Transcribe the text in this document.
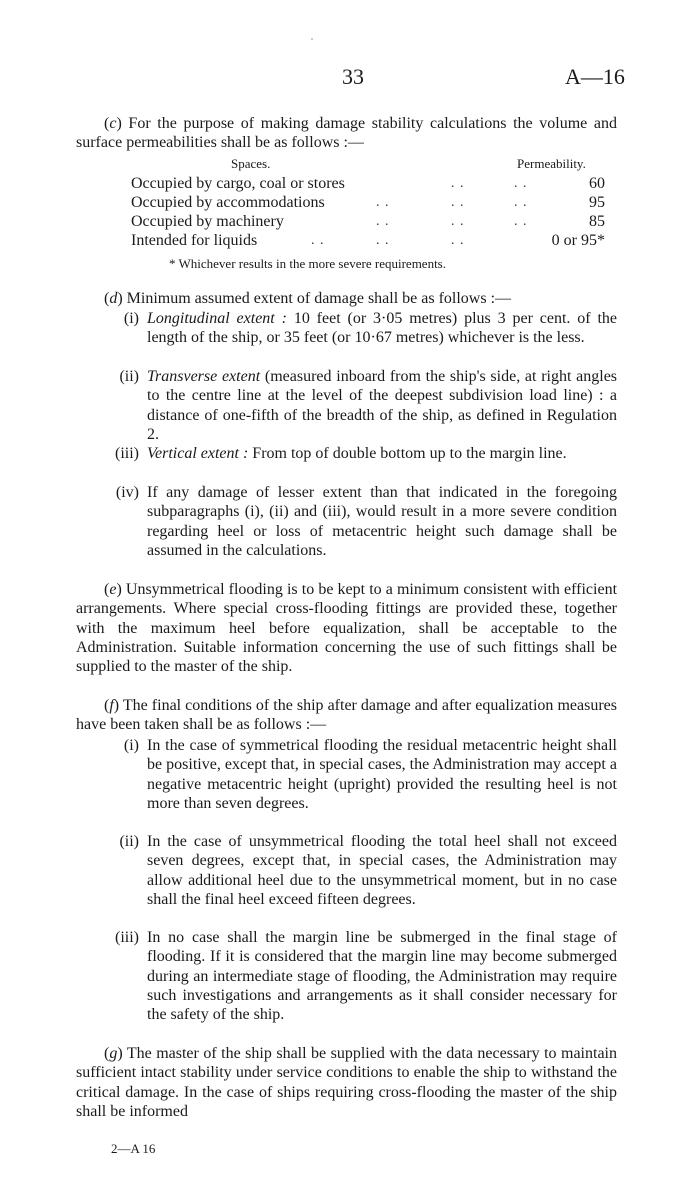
33	A—16
(c) For the purpose of making damage stability calculations the volume and surface permeabilities shall be as follows :—
Spaces.	Permeability.
Occupied by cargo, coal or stores	. .	. .	60
Occupied by accommodations	. .	. .	. .	95
Occupied by machinery	. .	. .	. .	85
Intended for liquids	. .	. .	. .	0 or 95*
* Whichever results in the more severe requirements.
(d) Minimum assumed extent of damage shall be as follows :—
(i) Longitudinal extent : 10 feet (or 3·05 metres) plus 3 per cent. of the length of the ship, or 35 feet (or 10·67 metres) whichever is the less.
(ii) Transverse extent (measured inboard from the ship's side, at right angles to the centre line at the level of the deepest subdivision load line) : a distance of one-fifth of the breadth of the ship, as defined in Regulation 2.
(iii) Vertical extent : From top of double bottom up to the margin line.
(iv) If any damage of lesser extent than that indicated in the foregoing subparagraphs (i), (ii) and (iii), would result in a more severe condition regarding heel or loss of metacentric height such damage shall be assumed in the calculations.
(e) Unsymmetrical flooding is to be kept to a minimum consistent with efficient arrangements. Where special cross-flooding fittings are provided these, together with the maximum heel before equalization, shall be acceptable to the Administration. Suitable information concerning the use of such fittings shall be supplied to the master of the ship.
(f) The final conditions of the ship after damage and after equalization measures have been taken shall be as follows :—
(i) In the case of symmetrical flooding the residual metacentric height shall be positive, except that, in special cases, the Administration may accept a negative metacentric height (upright) provided the resulting heel is not more than seven degrees.
(ii) In the case of unsymmetrical flooding the total heel shall not exceed seven degrees, except that, in special cases, the Administration may allow additional heel due to the unsymmetrical moment, but in no case shall the final heel exceed fifteen degrees.
(iii) In no case shall the margin line be submerged in the final stage of flooding. If it is considered that the margin line may become submerged during an intermediate stage of flooding, the Administration may require such investigations and arrangements as it shall consider necessary for the safety of the ship.
(g) The master of the ship shall be supplied with the data necessary to maintain sufficient intact stability under service conditions to enable the ship to withstand the critical damage. In the case of ships requiring cross-flooding the master of the ship shall be informed
2—A 16
